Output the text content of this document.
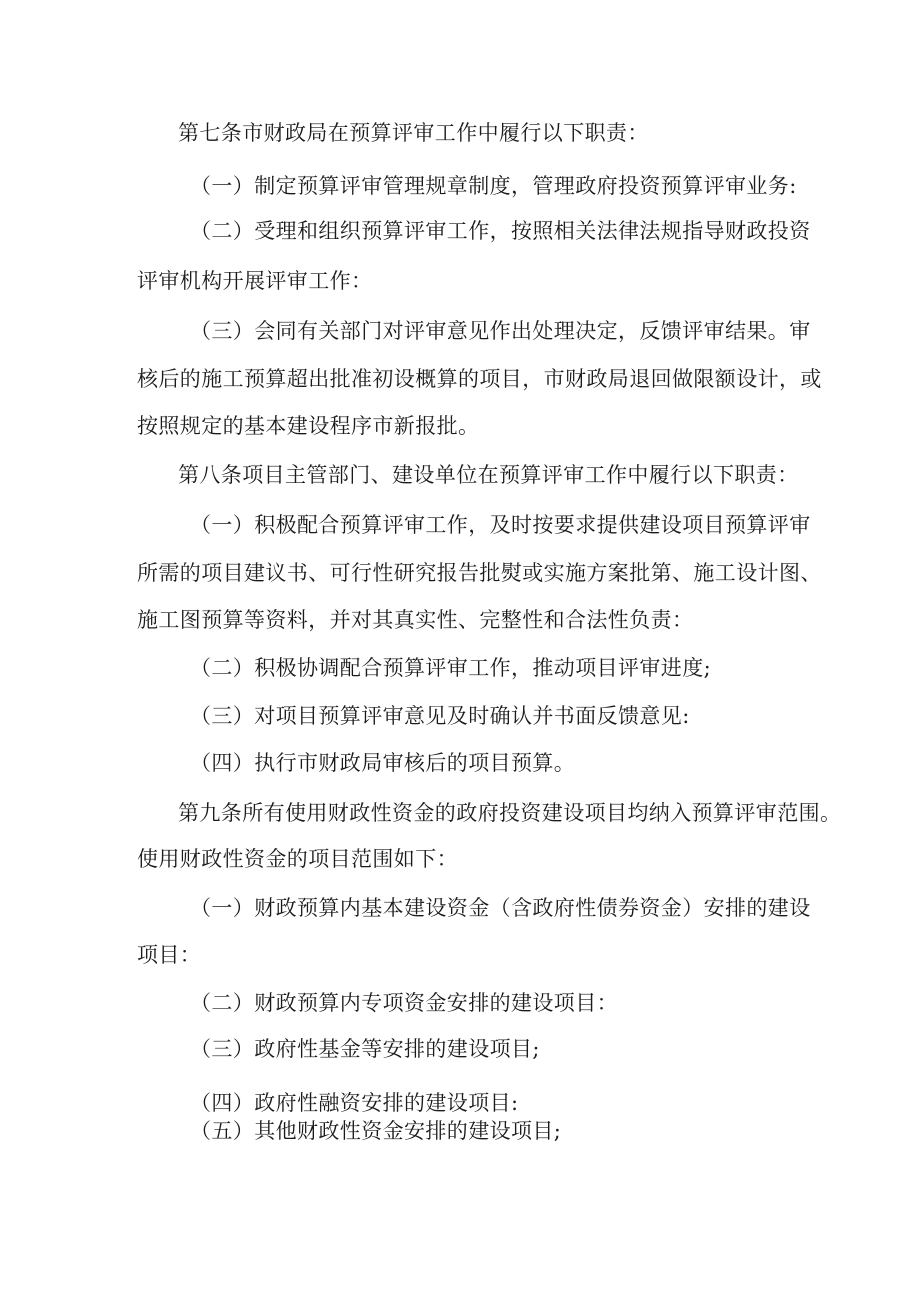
第七条市财政局在预算评审工作中履行以下职责：
（一）制定预算评审管理规章制度，管理政府投资预算评审业务:
（二）受理和组织预算评审工作，按照相关法律法规指导财政投资
评审机构开展评审工作：
（三）会同有关部门对评审意见作出处理决定，反馈评审结果。审
核后的施工预算超出批准初设概算的项目，市财政局退回做限额设计，或
按照规定的基本建设程序市新报批。
第八条项目主管部门、建设单位在预算评审工作中履行以下职责：
（一）积极配合预算评审工作，及时按要求提供建设项目预算评审
所需的项目建议书、可行性研究报告批熨或实施方案批第、施工设计图、
施工图预算等资料，并对其真实性、完整性和合法性负责：
（二）积极协调配合预算评审工作，推动项目评审进度;
（三）对项目预算评审意见及时确认并书面反馈意见:
（四）执行市财政局审核后的项目预算。
第九条所有使用财政性资金的政府投资建设项目均纳入预算评审范围。
使用财政性资金的项目范围如下：
（一）财政预算内基本建设资金（含政府性债券资金）安排的建设
项目：
（二）财政预算内专项资金安排的建设项目：
（三）政府性基金等安排的建设项目;
（四）政府性融资安排的建设项目:
（五）其他财政性资金安排的建设项目;
